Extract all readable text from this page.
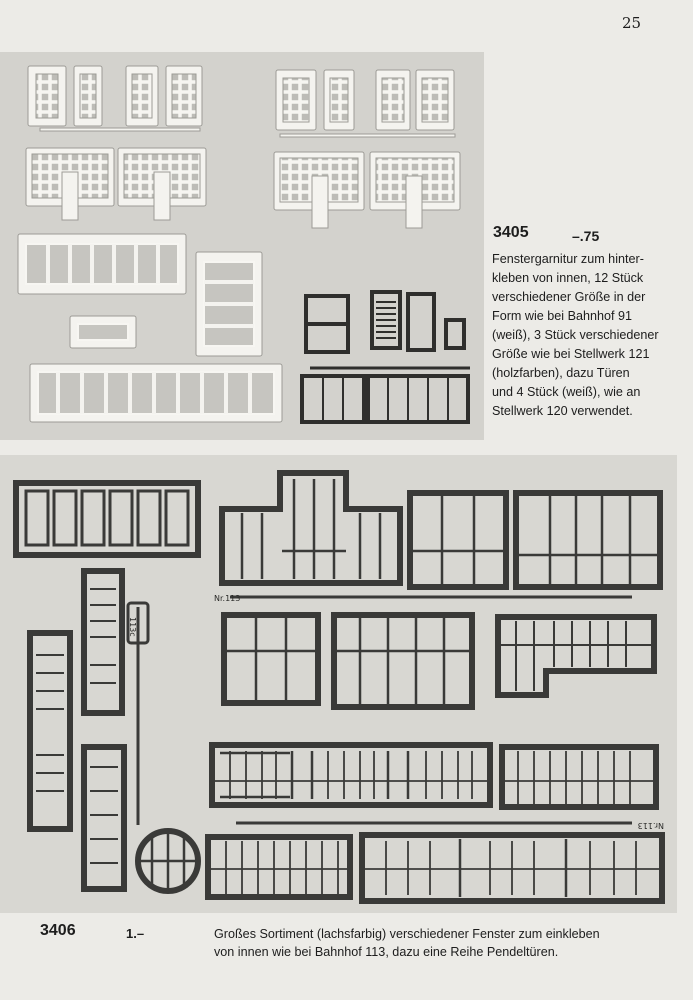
25
3405	–.75
Fenstergarnitur zum hinter-
kleben von innen, 12 Stück
verschiedener Größe in der
Form wie bei Bahnhof 91
(weiß), 3 Stück verschiedener
Größe wie bei Stellwerk 121
(holzfarben), dazu Türen
und 4 Stück (weiß), wie an
Stellwerk 120 verwendet.
Nr.113
113c
Nr.113
3406	1.–	Großes Sortiment (lachsfarbig) verschiedener Fenster zum einkleben
von innen wie bei Bahnhof 113, dazu eine Reihe Pendeltüren.
